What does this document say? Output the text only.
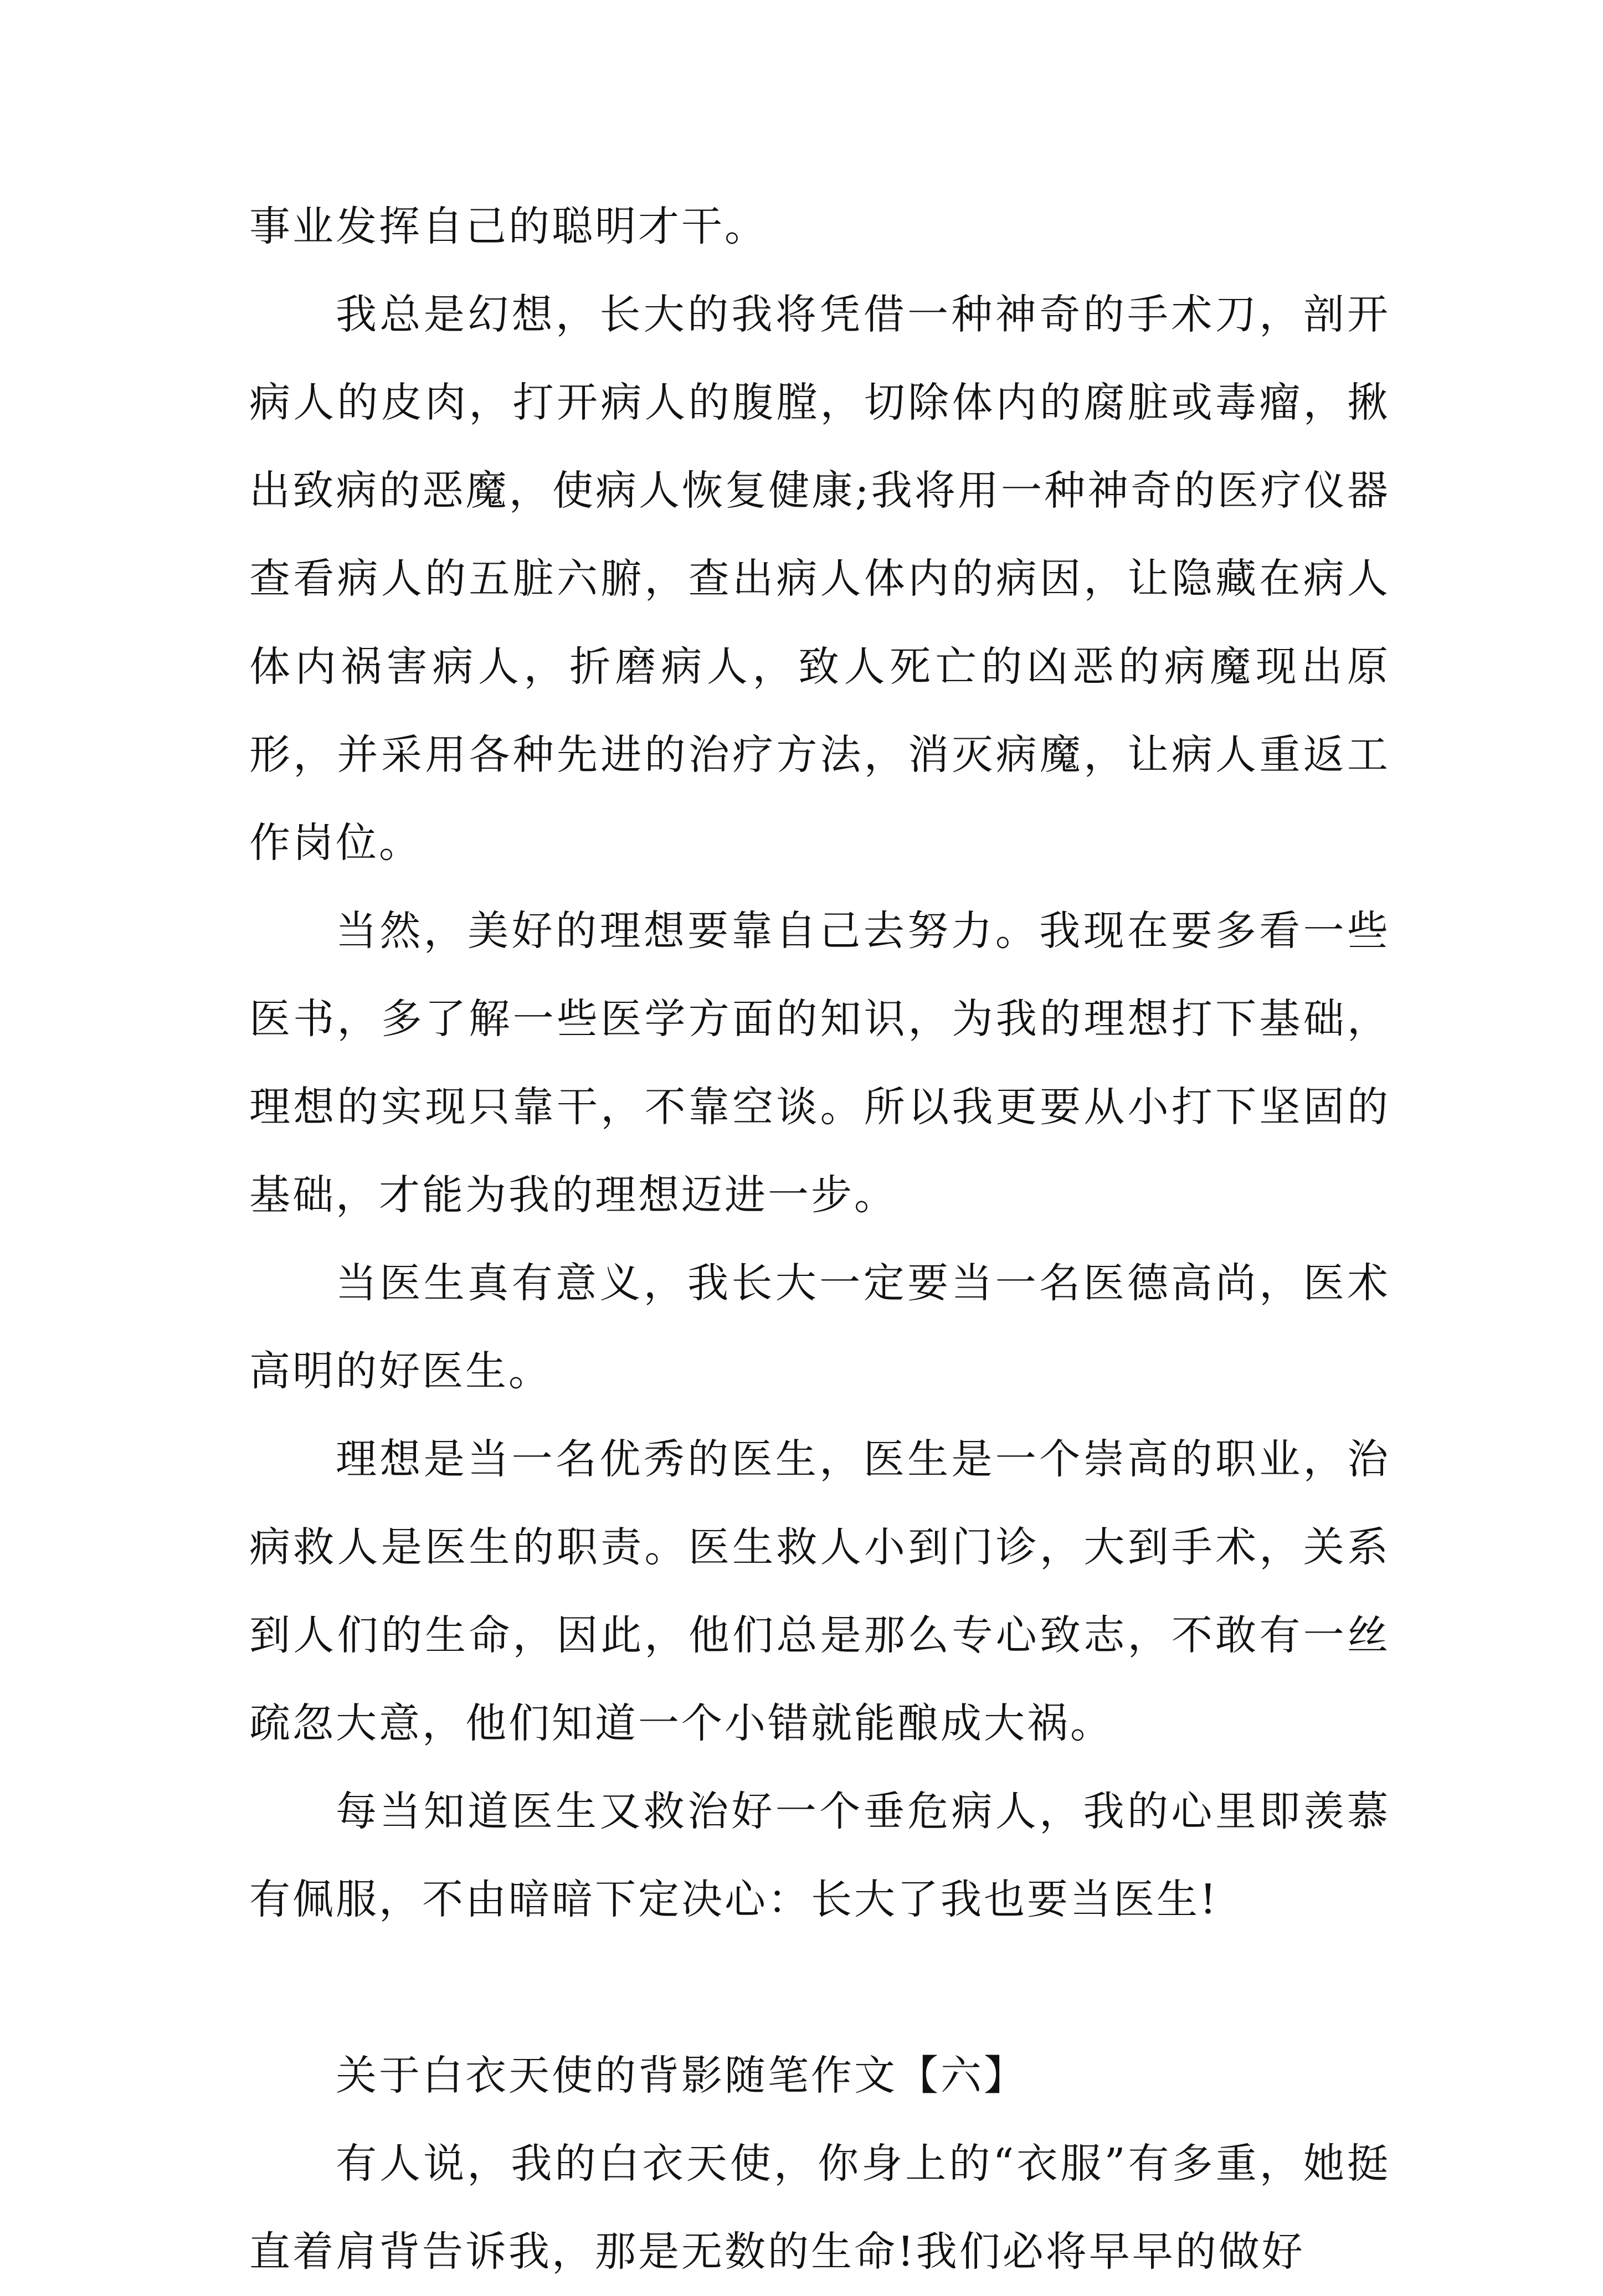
事业发挥自己的聪明才干。

我总是幻想，长大的我将凭借一种神奇的手术刀，剖开病人的皮肉，打开病人的腹膛，切除体内的腐脏或毒瘤，揪出致病的恶魔，使病人恢复健康;我将用一种神奇的医疗仪器查看病人的五脏六腑，查出病人体内的病因，让隐藏在病人体内祸害病人，折磨病人，致人死亡的凶恶的病魔现出原形，并采用各种先进的治疗方法，消灭病魔，让病人重返工作岗位。

当然，美好的理想要靠自己去努力。我现在要多看一些医书，多了解一些医学方面的知识，为我的理想打下基础，理想的实现只靠干，不靠空谈。所以我更要从小打下坚固的基础，才能为我的理想迈进一步。

当医生真有意义，我长大一定要当一名医德高尚，医术高明的好医生。

理想是当一名优秀的医生，医生是一个崇高的职业，治病救人是医生的职责。医生救人小到门诊，大到手术，关系到人们的生命，因此，他们总是那么专心致志，不敢有一丝疏忽大意，他们知道一个小错就能酿成大祸。

每当知道医生又救治好一个垂危病人，我的心里即羡慕有佩服，不由暗暗下定决心：长大了我也要当医生!

关于白衣天使的背影随笔作文【六】

有人说，我的白衣天使，你身上的“衣服”有多重，她挺直着肩背告诉我，那是无数的生命!我们必将早早的做好
